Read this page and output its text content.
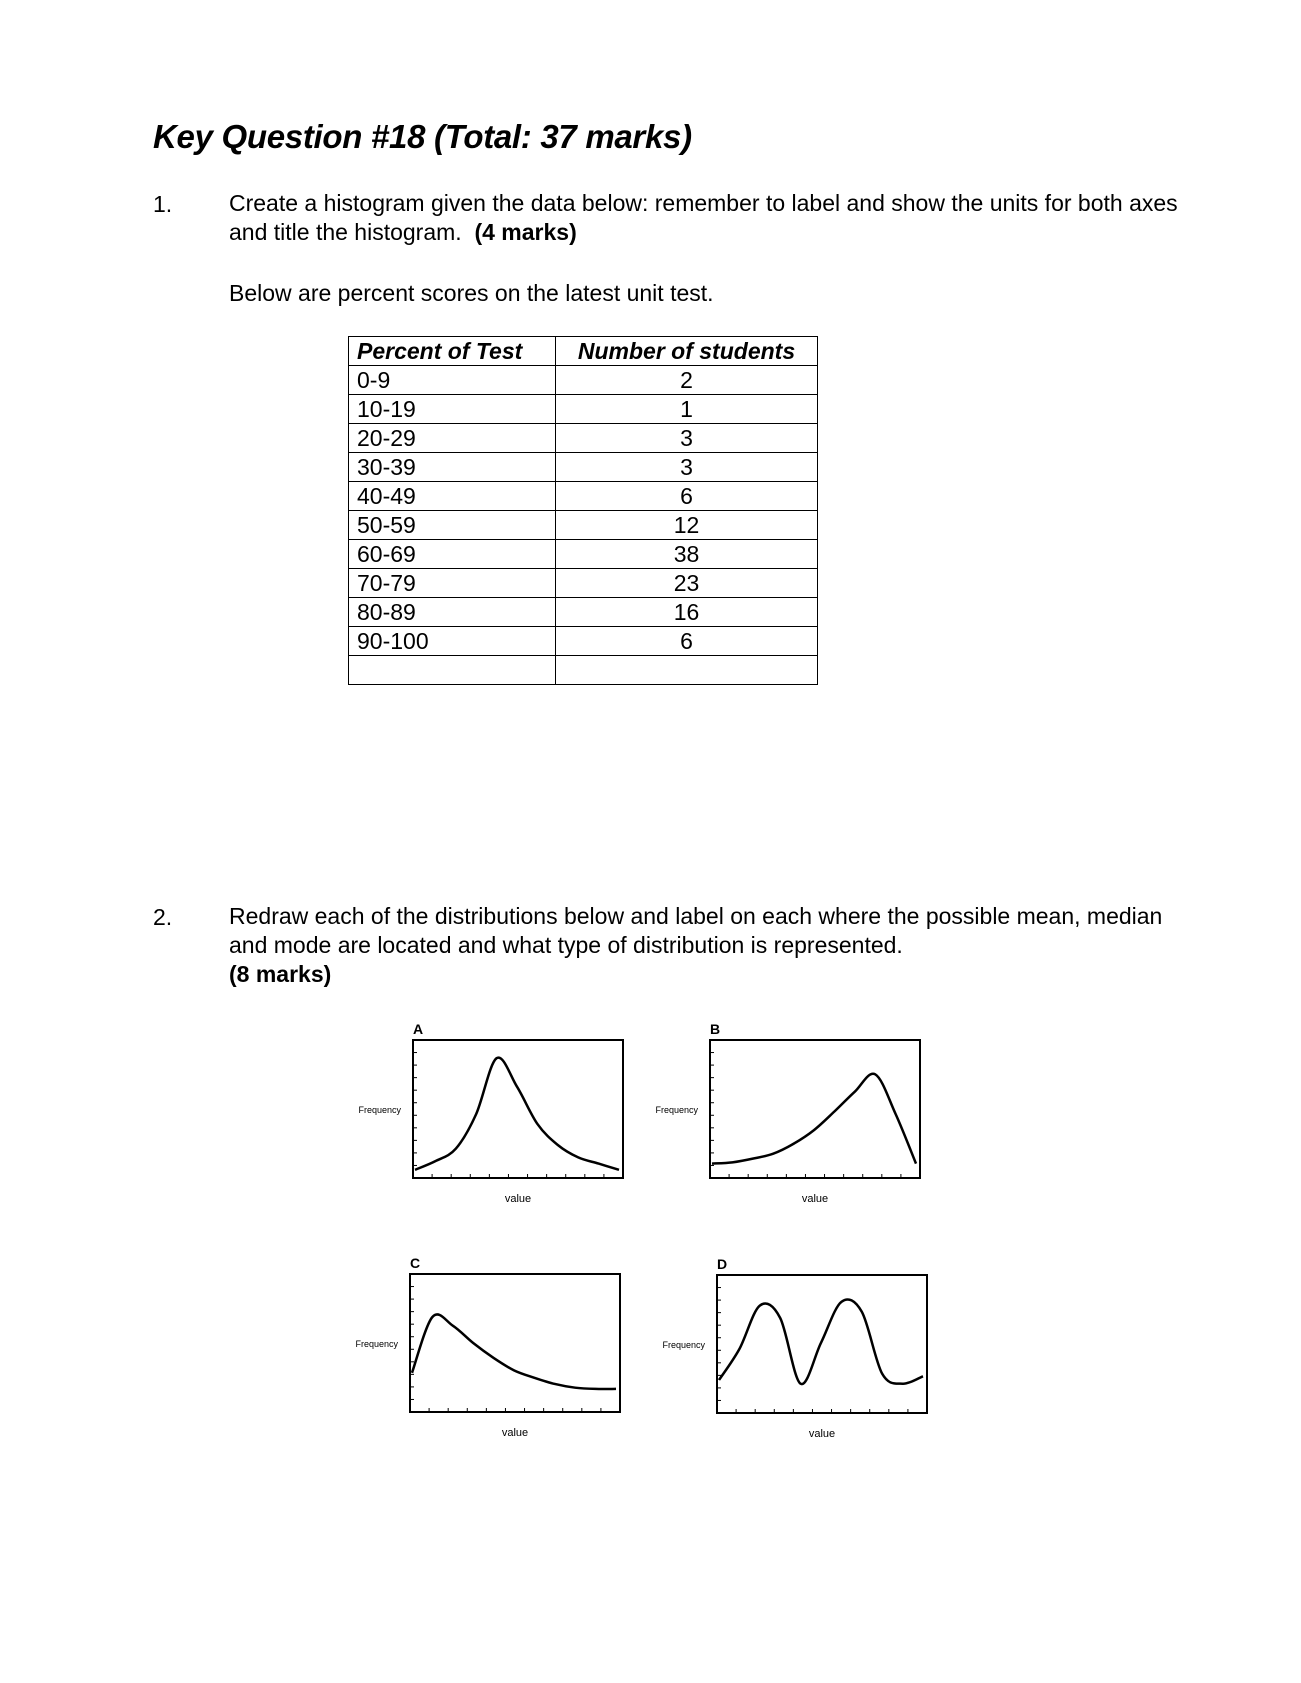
Key Question #18 (Total: 37 marks)
1. Create a histogram given the data below: remember to label and show the units for both axes and title the histogram. (4 marks)
Below are percent scores on the latest unit test.
Percent of Test	Number of students
0-9	2
10-19	1
20-29	3
30-39	3
40-49	6
50-59	12
60-69	38
70-79	23
80-89	16
90-100	6

2. Redraw each of the distributions below and label on each where the possible mean, median and mode are located and what type of distribution is represented.
(8 marks)
A
Frequency
value
B
Frequency
value
C
Frequency
value
D
Frequency
value
